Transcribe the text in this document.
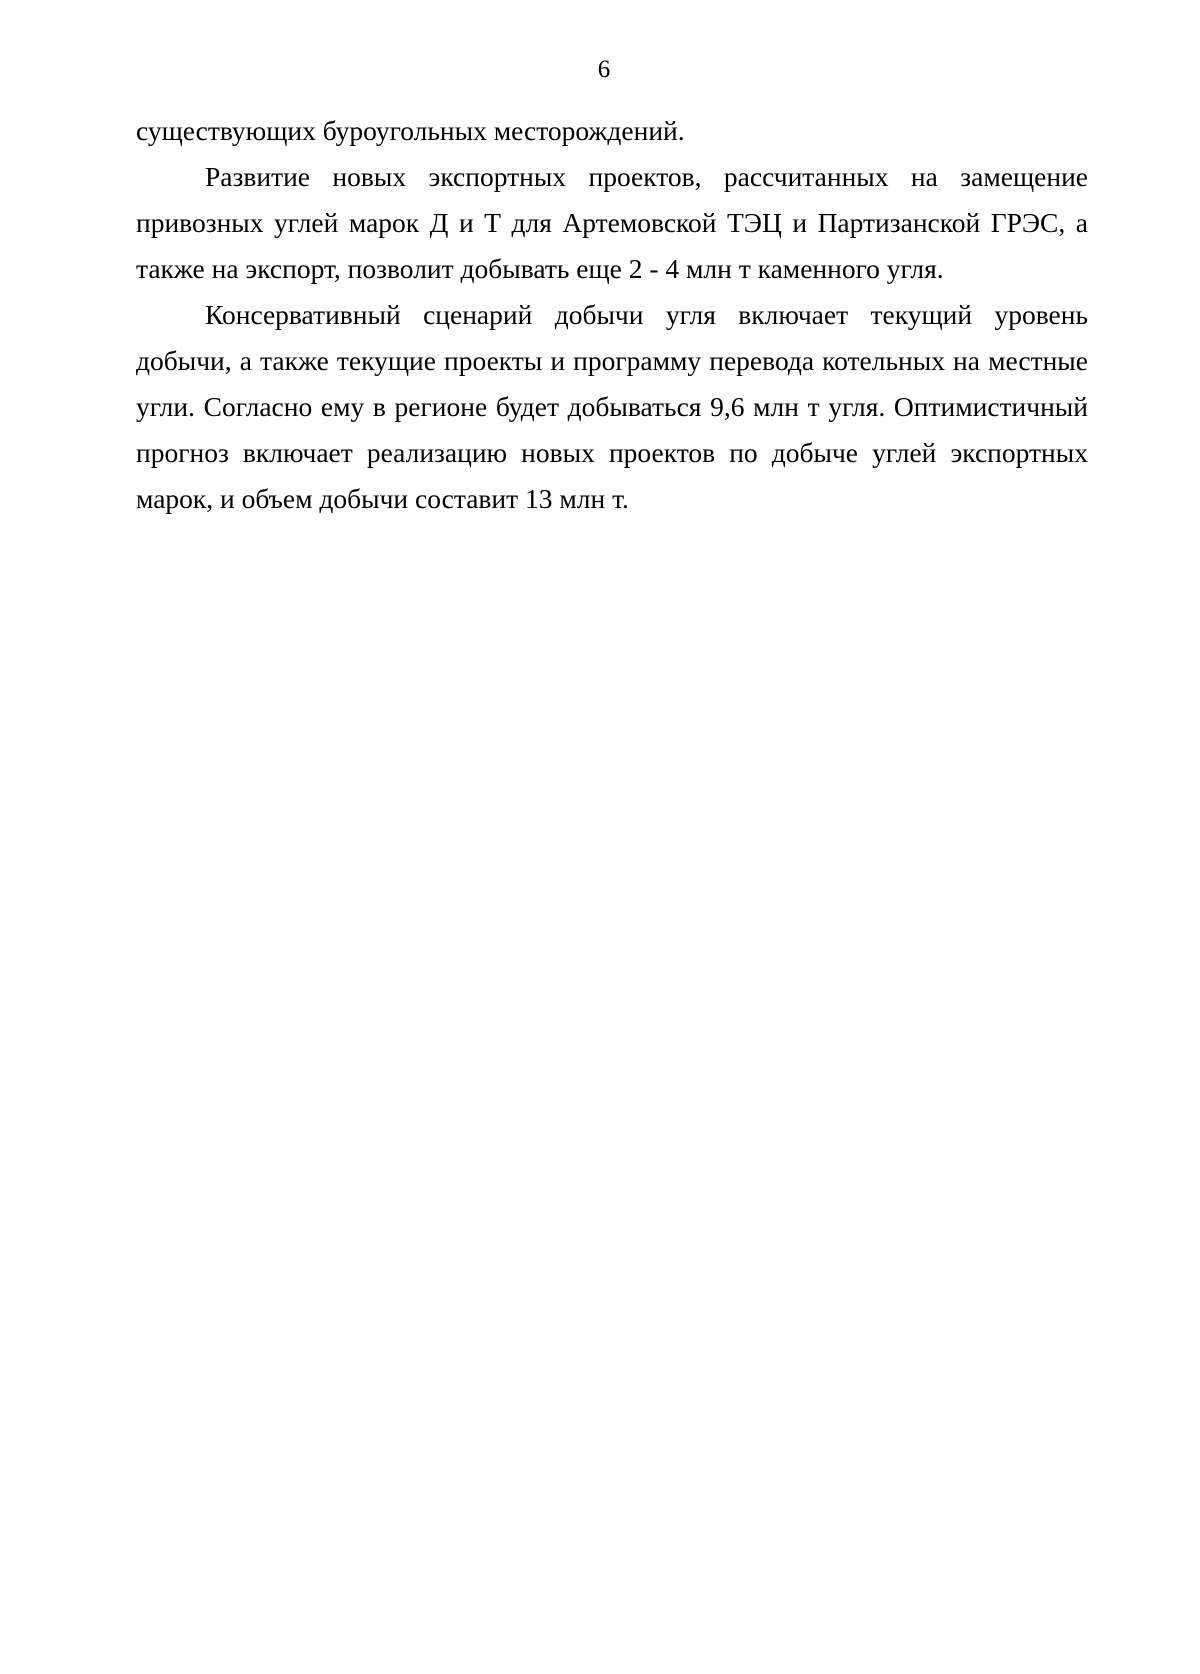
6

существующих буроугольных месторождений.

Развитие новых экспортных проектов, рассчитанных на замещение привозных углей марок Д и Т для Артемовской ТЭЦ и Партизанской ГРЭС, а также на экспорт, позволит добывать еще 2 - 4 млн т каменного угля.

Консервативный сценарий добычи угля включает текущий уровень добычи, а также текущие проекты и программу перевода котельных на местные угли. Согласно ему в регионе будет добываться 9,6 млн т угля. Оптимистичный прогноз включает реализацию новых проектов по добыче углей экспортных марок, и объем добычи составит 13 млн т.
